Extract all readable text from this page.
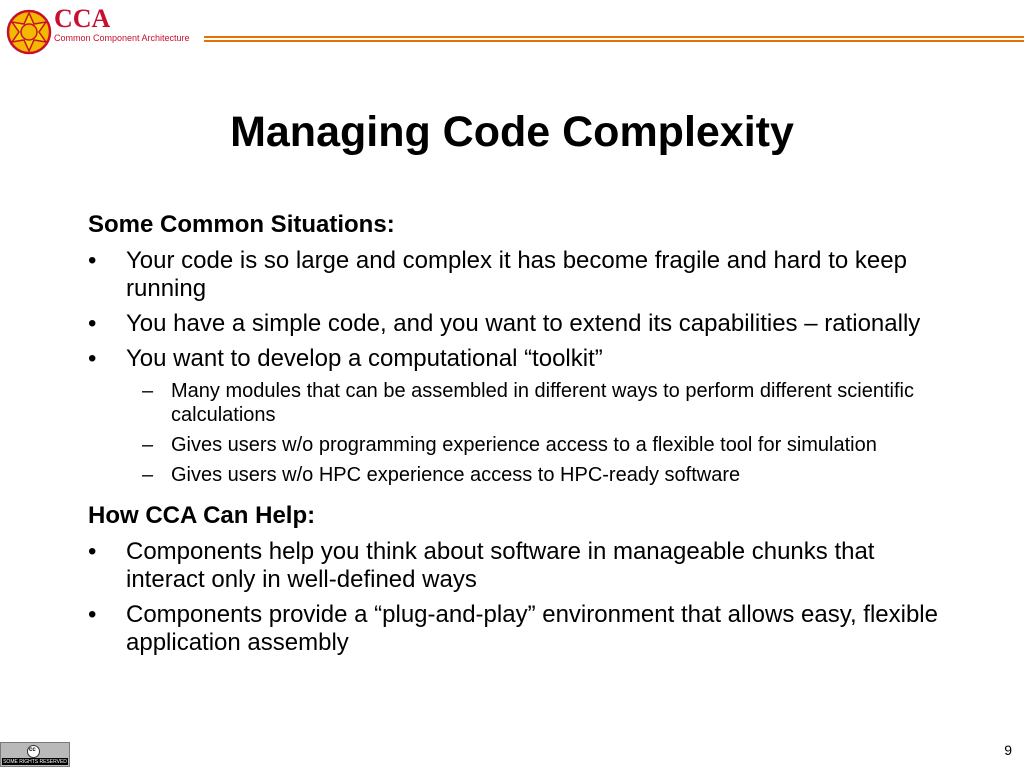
CCA
Common Component Architecture
Managing Code Complexity

Some Common Situations:

• Your code is so large and complex it has become fragile and hard to keep running
• You have a simple code, and you want to extend its capabilities – rationally
• You want to develop a computational “toolkit”
– Many modules that can be assembled in different ways to perform different scientific calculations
– Gives users w/o programming experience access to a flexible tool for simulation
– Gives users w/o HPC experience access to HPC-ready software

How CCA Can Help:

• Components help you think about software in manageable chunks that interact only in well-defined ways
• Components provide a “plug-and-play” environment that allows easy, flexible application assembly
cc
SOME RIGHTS RESERVED
9
